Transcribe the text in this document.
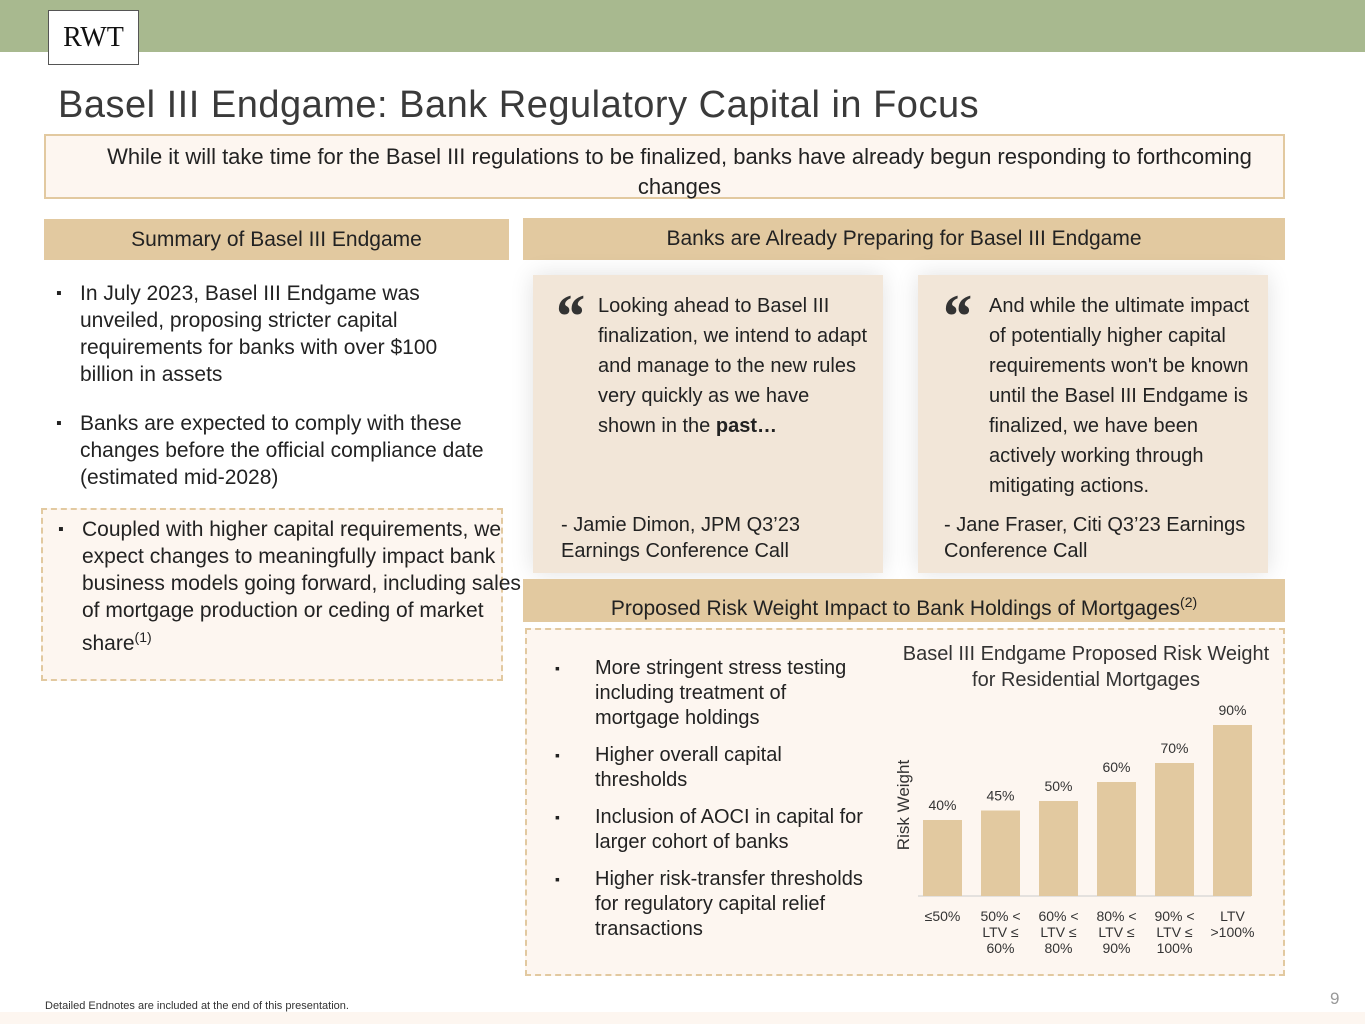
RWT
Basel III Endgame: Bank Regulatory Capital in Focus
While it will take time for the Basel III regulations to be finalized, banks have already begun responding to forthcoming changes
Summary of Basel III Endgame
▪ In July 2023, Basel III Endgame was unveiled, proposing stricter capital requirements for banks with over $100 billion in assets
▪ Banks are expected to comply with these changes before the official compliance date (estimated mid-2028)
▪ Coupled with higher capital requirements, we expect changes to meaningfully impact bank business models going forward, including sales of mortgage production or ceding of market share$^{(1)}$
Banks are Already Preparing for Basel III Endgame
“ Looking ahead to Basel III finalization, we intend to adapt and manage to the new rules very quickly as we have shown in the past…
- Jamie Dimon, JPM Q3’23 Earnings Conference Call
“ And while the ultimate impact of potentially higher capital requirements won't be known until the Basel III Endgame is finalized, we have been actively working through mitigating actions.
- Jane Fraser, Citi Q3’23 Earnings Conference Call
Proposed Risk Weight Impact to Bank Holdings of Mortgages$^{(2)}$
▪ More stringent stress testing including treatment of mortgage holdings
▪ Higher overall capital thresholds
▪ Inclusion of AOCI in capital for larger cohort of banks
▪ Higher risk-transfer thresholds for regulatory capital relief transactions
Basel III Endgame Proposed Risk Weight
for Residential Mortgages
Risk Weight 40%
≤50%
45%
50% <
LTV ≤
60%
50%
60% <
LTV ≤
80%
60%
80% <
LTV ≤
90%
70%
90% <
LTV ≤
100%
90%
LTV
>100%
Detailed Endnotes are included at the end of this presentation.	9
